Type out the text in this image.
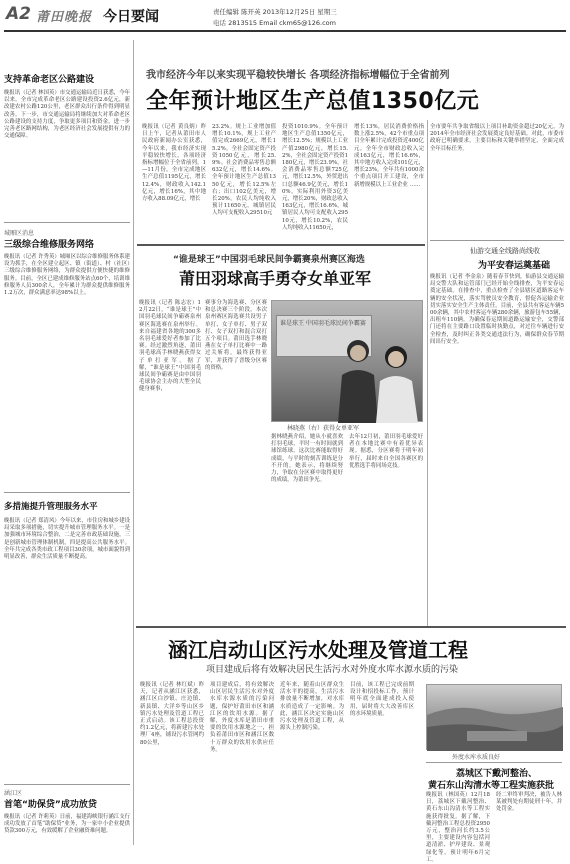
A2 莆田晚报 今日要闻	责任编辑 陈开英 2013年12月25日 星期三
电话 2813515 Email ckm65@126.com
支持革命老区公路建设
晚报讯（记者 林国英）市交通运输局近日获悉，今年以来，全市完成革命老区公路建设投资2.6亿元，新改建农村公路120公里，老区群众出行条件得到明显改善。下一步，市交通运输局将继续加大对革命老区公路建设的支持力度，争取更多项目和资金，进一步完善老区路网结构，为老区经济社会发展提供有力的交通保障。
城厢区消息
三级综合维修服务网络
晚报讯（记者 许秀英）城厢区以综合维修服务体系建设为抓手，在全区建立起区、镇（街道）、村（社区）三级综合维修服务网络，为群众提供方便快捷的维修服务。目前，全区已建成维修服务站点60个，培训维修服务人员300余人，全年累计为群众提供维修服务1.2万次，群众满意率达98%以上。
多措施提升管理服务水平
晚报讯（记者 郑清风）今年以来，市住房和城乡建设局采取多项措施，切实提升城市管理服务水平。一是加强城市环境综合整治，二是完善市政基础设施，三是创新城市管理体制机制，四是提高公共服务水平。全年共完成各类市政工程项目30余项，城市面貌得到明显改善，群众生活质量不断提高。
涵江区
首笔“助保贷”成功放贷
晚报讯（记者 许莉英）日前，福建海峡银行涵江支行成功发放了首笔“助保贷”业务，为一家中小企业提供贷款300万元，有效缓解了企业融资难问题。
我市经济今年以来实现平稳较快增长 各项经济指标增幅位于全省前列
全年预计地区生产总值1350亿元
晚报讯（记者 黄良炳）昨日上午，记者从莆田市人民政府新闻办公室获悉，今年以来，我市经济实现平稳较快增长，各项经济指标增幅位于全省前列。1—11月份，全市完成地区生产总值1195亿元，增长12.4%，财政收入142.1亿元，增长16%，其中地方收入88.09亿元，增长
23.2%。规上工业增加值增长10.1%，规上工业产值完成2669亿元，增长15.2%。全社会固定资产投资1050亿元，增长25.9%。社会消费品零售总额632亿元，增长14.6%。全年预计地区生产总值1350亿元，增长12.5%左右；出口102亿美元，增长20%，农民人均纯收入预计11650元，城镇居民人均可支配收入29510元
投资1010.9%。全年预计地区生产总值1350亿元，增长12.5%；规模以上工业产值2980亿元，增长15.2%，全社会固定资产投资1180亿元，增长23.9%，社会消费品零售总额725亿元，增长12.5%，外贸进出口总额46.9亿美元，增长10%，实际利用外资3亿美元，增长20%，财政总收入163亿元，增长16.6%，城镇居民人均可支配收入29510元，增长10.2%，农民人均纯收入11650元，
增长13%，居民消费价格指数上涨2.5%，42个市重点项目全年累计完成投资近400亿元。全年全市财政总收入完成163亿元，增长16.6%，其中地方收入完成101亿元，增长23%。全年共有1000余个重点项目开工建设，全市新增规模以上工业企业 ……
全市要年共争取省级以上项目补助资金超过20亿元，为2014年全市经济社会发展奠定良好基础。对此，市委市政府已明确要求，主要目标和关键举措坚定，全面完成全年目标任务。
仙游交通全线路尚线收
为平安春运奠基础
晚报讯（记者 李金泉）随着春节快到，仙游县交通运输局交警大队和运管部门已经开始全线排查，为平安春运奠定基础。在排查中，重点检查了全县辖区道路客运车辆的安全状况，落实驾驶员安全教育，督促各运输企业切实落实安全生产主体责任。目前，全县共有客运车辆500余辆，其中农村客运车辆280余辆，旅游包车55辆，出租车110辆。为确保春运期间道路运输安全，交警部门还将在主要路口设置临时执勤点，对过往车辆进行安全检查，及时纠正各类交通违法行为，确保群众春节期间出行安全。
“谁是球王”中国羽毛球民间争霸赛泉州赛区海选
莆田羽球高手勇夺女单亚军
晚报讯（记者 陈志宏）12月22日，“谁是球王”中国羽毛球民间争霸赛泉州赛区海选赛在泉州举行。来自福建省各地的300多名羽毛球爱好者参加了比赛。经过激烈角逐，莆田羽毛球高手林晓燕获得女子单打亚军。据了解，“谁是球王”中国羽毛球民间争霸赛是由中国羽毛球协会主办的大型全民健身赛事，
赛事分为海选赛、分区赛和总决赛三个阶段。本次泉州赛区海选赛共设男子单打、女子单打、男子双打、女子双打和混合双打五个项目。莆田选手林晓燕在女子单打比赛中一路过关斩将，最终获得亚军，并获得了晋级分区赛的资格。
谁是球王 中国羽毛球民间争霸赛
林晓燕（右）获得女单亚军
据林晓燕介绍，她从小就喜欢打羽毛球，平时一有时间就到球馆练球。这次比赛能取得好成绩，与平时的刻苦训练是分不开的。她表示，将继续努力，争取在分区赛中取得更好的成绩，为莆田争光。
去年12月初，莆田羽毛球爱好者在本地比赛中有着优异表现。据悉，分区赛将于明年初举行，届时来自全国各赛区的优胜选手将同场竞技。
涵江启动山区污水处理及管道工程
项目建成后将有效解决居民生活污水对外度水库水源水质的污染
晚报讯（记者 林红斌）昨天，记者从涵江区获悉，涵江区白沙镇、庄边镇、新县镇、大洋乡等山区乡镇污水处理及管道工程已正式启动。该工程总投资约1.2亿元，将新建污水处理厂4座，铺设污水管网约80公里，
项目建成后，将有效解决山区居民生活污水对外度水库水源水质的污染问题，保护好莆田市区和涵江区的饮用水源。据了解，外度水库是莆田市重要的饮用水源地之一，担负着莆田市区和涵江区数十万群众的饮用水供应任务。
近年来，随着山区群众生活水平的提高，生活污水排放量不断增加，对水库水质造成了一定影响。为此，涵江区决定实施山区污水处理及管道工程，从源头上控制污染。
目前，该工程已完成前期设计和招投标工作，预计明年底全面建成投入使用，届时将大大改善库区的水环境质量。
外度水库水质良好
荔城区下戴河整治、
黄石东山沟清水等工程实施获批
晚报讯（林国英）12月18日，荔城区下戴河整治、黄石东山沟清水等工程实施获得批复。据了解，下戴河整治工程总投资2950万元，整治河长约3.5公里，主要建设内容包括河道清淤、护岸建设、景观绿化等，预计明年6月完工。
经二审终审判决，被告人林某被判处有期徒刑十年，并处罚金。
